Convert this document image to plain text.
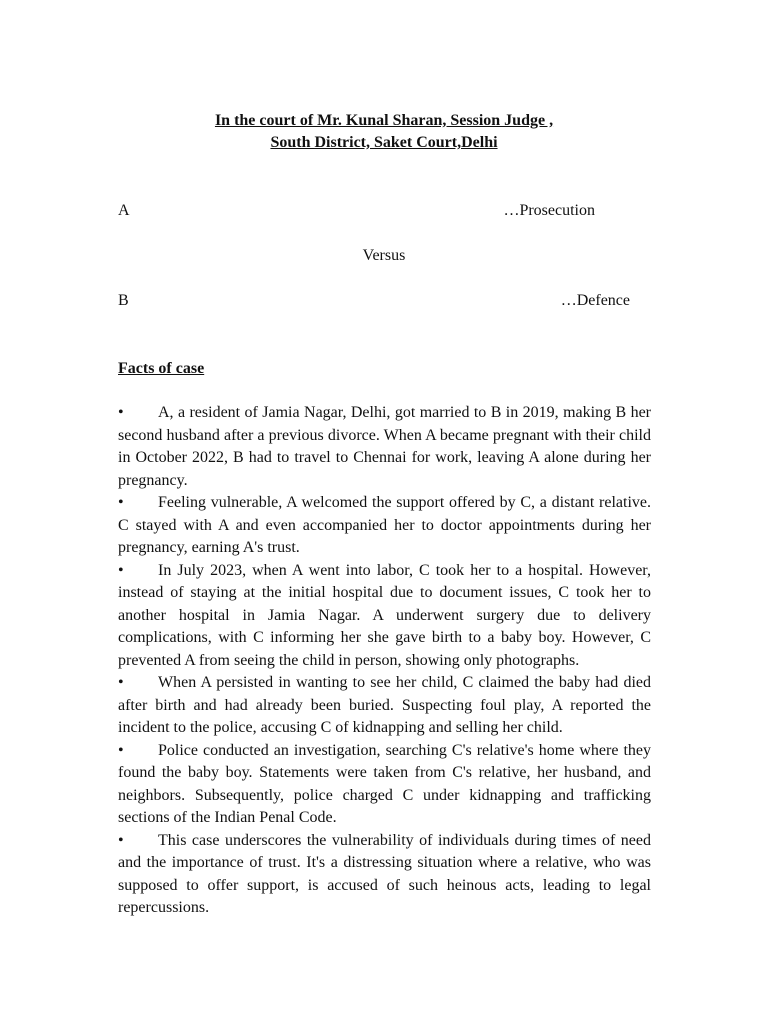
In the court of Mr. Kunal Sharan, Session Judge ,
South District, Saket Court,Delhi
A	…Prosecution
Versus
B	…Defence
Facts of case

• A, a resident of Jamia Nagar, Delhi, got married to B in 2019, making B her second husband after a previous divorce. When A became pregnant with their child in October 2022, B had to travel to Chennai for work, leaving A alone during her pregnancy.

• Feeling vulnerable, A welcomed the support offered by C, a distant relative. C stayed with A and even accompanied her to doctor appointments during her pregnancy, earning A's trust.

• In July 2023, when A went into labor, C took her to a hospital. However, instead of staying at the initial hospital due to document issues, C took her to another hospital in Jamia Nagar. A underwent surgery due to delivery complications, with C informing her she gave birth to a baby boy. However, C prevented A from seeing the child in person, showing only photographs.

• When A persisted in wanting to see her child, C claimed the baby had died after birth and had already been buried. Suspecting foul play, A reported the incident to the police, accusing C of kidnapping and selling her child.

• Police conducted an investigation, searching C's relative's home where they found the baby boy. Statements were taken from C's relative, her husband, and neighbors. Subsequently, police charged C under kidnapping and trafficking sections of the Indian Penal Code.

• This case underscores the vulnerability of individuals during times of need and the importance of trust. It's a distressing situation where a relative, who was supposed to offer support, is accused of such heinous acts, leading to legal repercussions.
